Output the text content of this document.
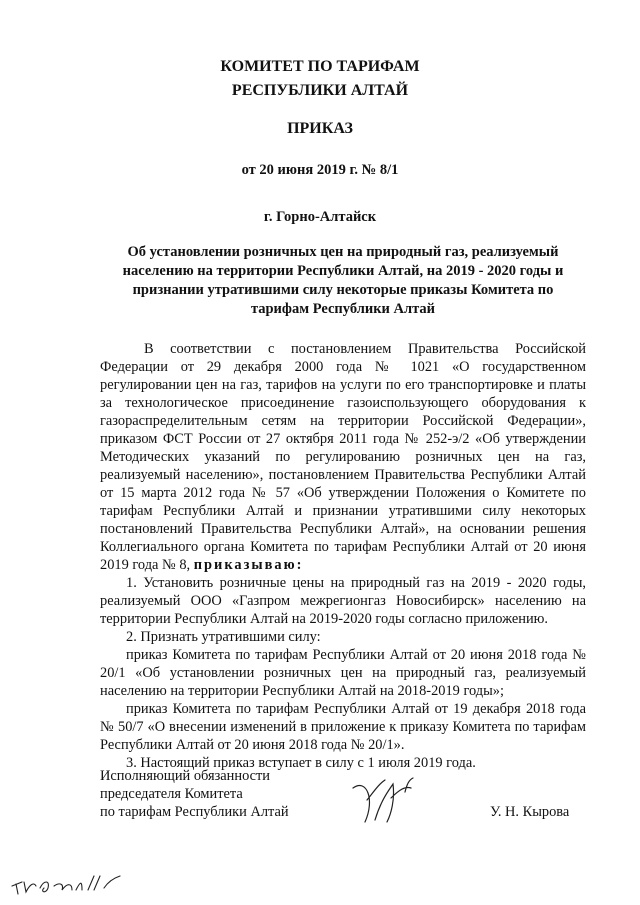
КОМИТЕТ ПО ТАРИФАМ
РЕСПУБЛИКИ АЛТАЙ
ПРИКАЗ
от 20 июня 2019 г. № 8/1
г. Горно-Алтайск
Об установлении розничных цен на природный газ, реализуемый
населению на территории Республики Алтай, на 2019 - 2020 годы и
признании утратившими силу некоторые приказы Комитета по
тарифам Республики Алтай

В соответствии с постановлением Правительства Российской Федерации от 29 декабря 2000 года № 1021 «О государственном регулировании цен на газ, тарифов на услуги по его транспортировке и платы за технологическое присоединение газоиспользующего оборудования к газораспределительным сетям на территории Российской Федерации», приказом ФСТ России от 27 октября 2011 года № 252-э/2 «Об утверждении Методических указаний по регулированию розничных цен на газ, реализуемый населению», постановлением Правительства Республики Алтай от 15 марта 2012 года № 57 «Об утверждении Положения о Комитете по тарифам Республики Алтай и признании утратившими силу некоторых постановлений Правительства Республики Алтай», на основании решения Коллегиального органа Комитета по тарифам Республики Алтай от 20 июня 2019 года № 8, приказываю:

1. Установить розничные цены на природный газ на 2019 - 2020 годы, реализуемый ООО «Газпром межрегионгаз Новосибирск» населению на территории Республики Алтай на 2019-2020 годы согласно приложению.

2. Признать утратившими силу:

приказ Комитета по тарифам Республики Алтай от 20 июня 2018 года № 20/1 «Об установлении розничных цен на природный газ, реализуемый населению на территории Республики Алтай на 2018-2019 годы»;

приказ Комитета по тарифам Республики Алтай от 19 декабря 2018 года № 50/7 «О внесении изменений в приложение к приказу Комитета по тарифам Республики Алтай от 20 июня 2018 года № 20/1».

3. Настоящий приказ вступает в силу с 1 июля 2019 года.

Исполняющий обязанности
председателя Комитета
по тарифам Республики Алтай	У. Н. Кырова
